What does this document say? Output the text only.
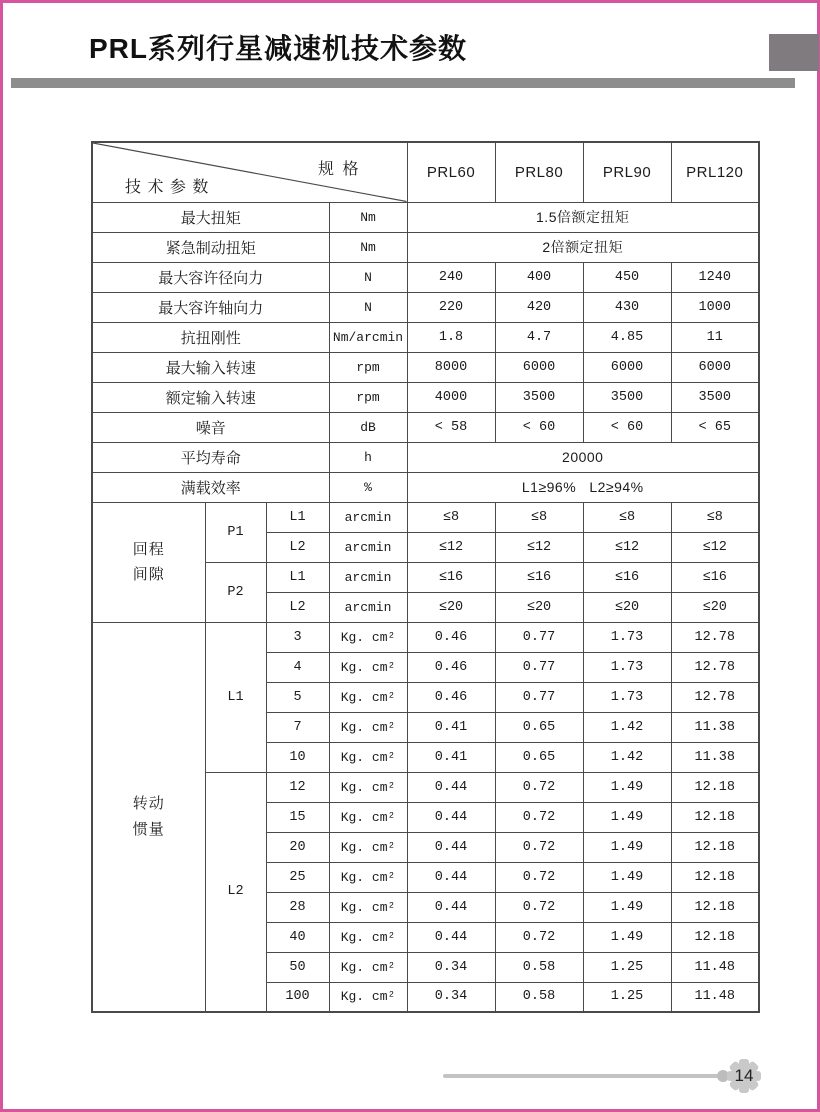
PRL系列行星减速机技术参数
规 格
技 术 参 数				PRL60	PRL80	PRL90	PRL120
最大扭矩			Nm	1.5倍额定扭矩			
紧急制动扭矩			Nm	2倍额定扭矩			
最大容许径向力			N	240	400	450	1240
最大容许轴向力			N	220	420	430	1000
抗扭刚性			Nm/arcmin	1.8	4.7	4.85	11
最大输入转速			rpm	8000	6000	6000	6000
额定输入转速			rpm	4000	3500	3500	3500
噪音			dB	< 58	< 60	< 60	< 65
平均寿命			h	20000			
满载效率			%	L1≥96%   L2≥94%			
回程
间隙	P1	L1	arcmin	≤8	≤8	≤8	≤8
		L2	arcmin	≤12	≤12	≤12	≤12
	P2	L1	arcmin	≤16	≤16	≤16	≤16
		L2	arcmin	≤20	≤20	≤20	≤20
转动
惯量	L1	3	Kg. cm²	0.46	0.77	1.73	12.78
		4	Kg. cm²	0.46	0.77	1.73	12.78
		5	Kg. cm²	0.46	0.77	1.73	12.78
		7	Kg. cm²	0.41	0.65	1.42	11.38
		10	Kg. cm²	0.41	0.65	1.42	11.38
	L2	12	Kg. cm²	0.44	0.72	1.49	12.18
		15	Kg. cm²	0.44	0.72	1.49	12.18
		20	Kg. cm²	0.44	0.72	1.49	12.18
		25	Kg. cm²	0.44	0.72	1.49	12.18
		28	Kg. cm²	0.44	0.72	1.49	12.18
		40	Kg. cm²	0.44	0.72	1.49	12.18
		50	Kg. cm²	0.34	0.58	1.25	11.48
		100	Kg. cm²	0.34	0.58	1.25	11.48
14
